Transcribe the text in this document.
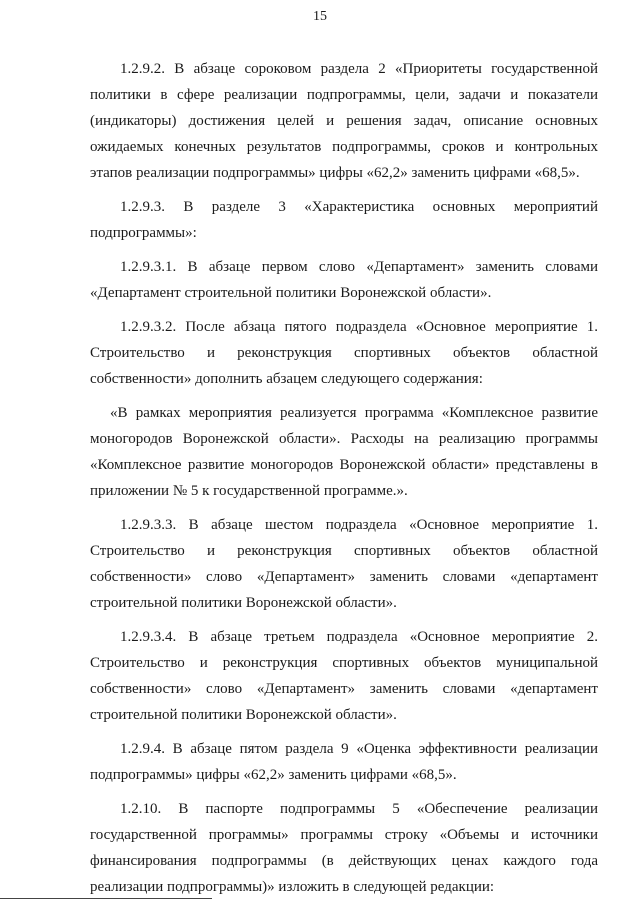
15

1.2.9.2. В абзаце сороковом раздела 2 «Приоритеты государственной политики в сфере реализации подпрограммы, цели, задачи и показатели (индикаторы) достижения целей и решения задач, описание основных ожидаемых конечных результатов подпрограммы, сроков и контрольных этапов реализации подпрограммы» цифры «62,2» заменить цифрами «68,5».

1.2.9.3. В разделе 3 «Характеристика основных мероприятий подпрограммы»:

1.2.9.3.1. В абзаце первом слово «Департамент» заменить словами «Департамент строительной политики Воронежской области».

1.2.9.3.2. После абзаца пятого подраздела «Основное мероприятие 1. Строительство и реконструкция спортивных объектов областной собственности» дополнить абзацем следующего содержания:

«В рамках мероприятия реализуется программа «Комплексное развитие моногородов Воронежской области». Расходы на реализацию программы «Комплексное развитие моногородов Воронежской области» представлены в приложении № 5 к государственной программе.».

1.2.9.3.3. В абзаце шестом подраздела «Основное мероприятие 1. Строительство и реконструкция спортивных объектов областной собственности» слово «Департамент» заменить словами «департамент строительной политики Воронежской области».

1.2.9.3.4. В абзаце третьем подраздела «Основное мероприятие 2. Строительство и реконструкция спортивных объектов муниципальной собственности» слово «Департамент» заменить словами «департамент строительной политики Воронежской области».

1.2.9.4. В абзаце пятом раздела 9 «Оценка эффективности реализации подпрограммы» цифры «62,2» заменить цифрами «68,5».

1.2.10. В паспорте подпрограммы 5 «Обеспечение реализации государственной программы» программы строку «Объемы и источники финансирования подпрограммы (в действующих ценах каждого года реализации подпрограммы)» изложить в следующей редакции:
